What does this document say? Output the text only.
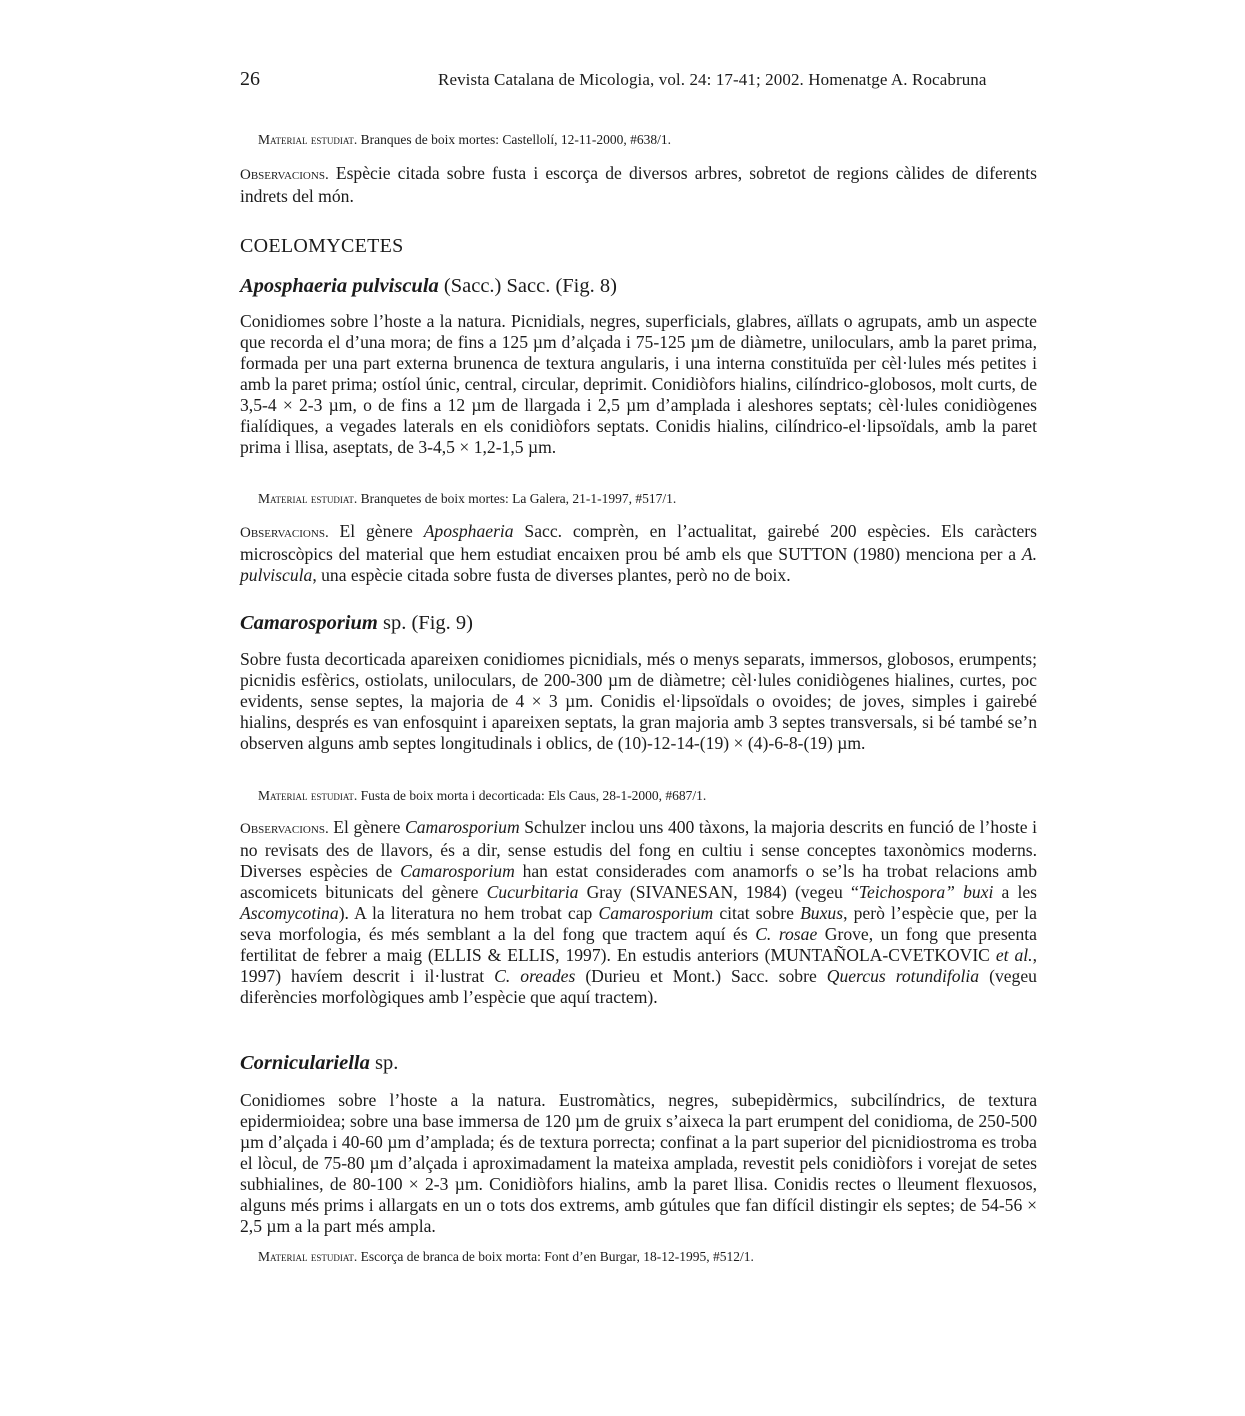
26	Revista Catalana de Micologia, vol. 24: 17-41; 2002. Homenatge A. Rocabruna

Material estudiat. Branques de boix mortes: Castellolí, 12-11-2000, #638/1.

Observacions. Espècie citada sobre fusta i escorça de diversos arbres, sobretot de regions càlides de diferents indrets del món.

COELOMYCETES
Aposphaeria pulviscula (Sacc.) Sacc. (Fig. 8)

Conidiomes sobre l’hoste a la natura. Picnidials, negres, superficials, glabres, aïllats o agrupats, amb un aspecte que recorda el d’una mora; de fins a 125 µm d’alçada i 75-125 µm de diàmetre, uniloculars, amb la paret prima, formada per una part externa brunenca de textura angularis, i una interna constituïda per cèl·lules més petites i amb la paret prima; ostíol únic, central, circular, deprimit. Conidiòfors hialins, cilíndrico-globosos, molt curts, de 3,5-4 × 2-3 µm, o de fins a 12 µm de llargada i 2,5 µm d’amplada i aleshores septats; cèl·lules conidiògenes fialídiques, a vegades laterals en els conidiòfors septats. Conidis hialins, cilíndrico-el·lipsoïdals, amb la paret prima i llisa, aseptats, de 3-4,5 × 1,2-1,5 µm.

Material estudiat. Branquetes de boix mortes: La Galera, 21-1-1997, #517/1.

Observacions. El gènere Aposphaeria Sacc. comprèn, en l’actualitat, gairebé 200 espècies. Els caràcters microscòpics del material que hem estudiat encaixen prou bé amb els que SUTTON (1980) menciona per a A. pulviscula, una espècie citada sobre fusta de diverses plantes, però no de boix.

Camarosporium sp. (Fig. 9)

Sobre fusta decorticada apareixen conidiomes picnidials, més o menys separats, immersos, globosos, erumpents; picnidis esfèrics, ostiolats, uniloculars, de 200-300 µm de diàmetre; cèl·lules conidiògenes hialines, curtes, poc evidents, sense septes, la majoria de 4 × 3 µm. Conidis el·lipsoïdals o ovoides; de joves, simples i gairebé hialins, després es van enfosquint i apareixen septats, la gran majoria amb 3 septes transversals, si bé també se’n observen alguns amb septes longitudinals i oblics, de (10)-12-14-(19) × (4)-6-8-(19) µm.

Material estudiat. Fusta de boix morta i decorticada: Els Caus, 28-1-2000, #687/1.

Observacions. El gènere Camarosporium Schulzer inclou uns 400 tàxons, la majoria descrits en funció de l’hoste i no revisats des de llavors, és a dir, sense estudis del fong en cultiu i sense conceptes taxonòmics moderns. Diverses espècies de Camarosporium han estat considerades com anamorfs o se’ls ha trobat relacions amb ascomicets bitunicats del gènere Cucurbitaria Gray (SIVANESAN, 1984) (vegeu “Teichospora” buxi a les Ascomycotina). A la literatura no hem trobat cap Camarosporium citat sobre Buxus, però l’espècie que, per la seva morfologia, és més semblant a la del fong que tractem aquí és C. rosae Grove, un fong que presenta fertilitat de febrer a maig (ELLIS & ELLIS, 1997). En estudis anteriors (MUNTAÑOLA-CVETKOVIC et al., 1997) havíem descrit i il·lustrat C. oreades (Durieu et Mont.) Sacc. sobre Quercus rotundifolia (vegeu diferències morfològiques amb l’espècie que aquí tractem).

Corniculariella sp.

Conidiomes sobre l’hoste a la natura. Eustromàtics, negres, subepidèrmics, subcilíndrics, de textura epidermioidea; sobre una base immersa de 120 µm de gruix s’aixeca la part erumpent del conidioma, de 250-500 µm d’alçada i 40-60 µm d’amplada; és de textura porrecta; confinat a la part superior del picnidiostroma es troba el lòcul, de 75-80 µm d’alçada i aproximadament la mateixa amplada, revestit pels conidiòfors i vorejat de setes subhialines, de 80-100 × 2-3 µm. Conidiòfors hialins, amb la paret llisa. Conidis rectes o lleument flexuosos, alguns més prims i allargats en un o tots dos extrems, amb gútules que fan difícil distingir els septes; de 54-56 × 2,5 µm a la part més ampla.

Material estudiat. Escorça de branca de boix morta: Font d’en Burgar, 18-12-1995, #512/1.
